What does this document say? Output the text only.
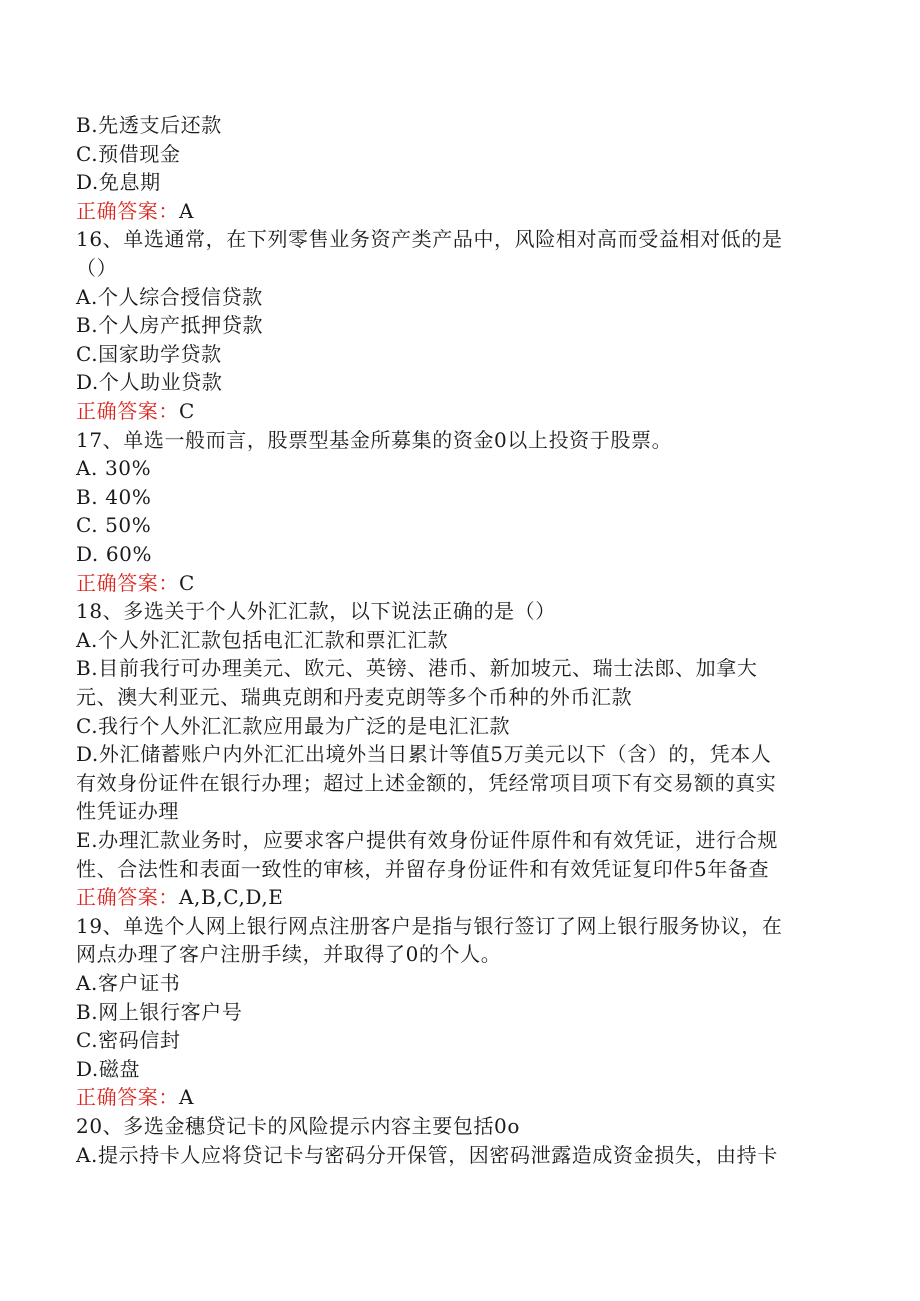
B.先透支后还款
C.预借现金
D.免息期
正确答案：A
16、单选通常，在下列零售业务资产类产品中，风险相对高而受益相对低的是
（）
A.个人综合授信贷款
B.个人房产抵押贷款
C.国家助学贷款
D.个人助业贷款
正确答案：C
17、单选一般而言，股票型基金所募集的资金0以上投资于股票。
A. 30%
B. 40%
C. 50%
D. 60%
正确答案：C
18、多选关于个人外汇汇款，以下说法正确的是（）
A.个人外汇汇款包括电汇汇款和票汇汇款
B.目前我行可办理美元、欧元、英镑、港币、新加坡元、瑞士法郎、加拿大
元、澳大利亚元、瑞典克朗和丹麦克朗等多个币种的外币汇款
C.我行个人外汇汇款应用最为广泛的是电汇汇款
D.外汇储蓄账户内外汇汇出境外当日累计等值5万美元以下（含）的，凭本人
有效身份证件在银行办理；超过上述金额的，凭经常项目项下有交易额的真实
性凭证办理
E.办理汇款业务时，应要求客户提供有效身份证件原件和有效凭证，进行合规
性、合法性和表面一致性的审核，并留存身份证件和有效凭证复印件5年备查
正确答案：A,B,C,D,E
19、单选个人网上银行网点注册客户是指与银行签订了网上银行服务协议，在
网点办理了客户注册手续，并取得了0的个人。
A.客户证书
B.网上银行客户号
C.密码信封
D.磁盘
正确答案：A
20、多选金穗贷记卡的风险提示内容主要包括0o
A.提示持卡人应将贷记卡与密码分开保管，因密码泄露造成资金损失，由持卡
